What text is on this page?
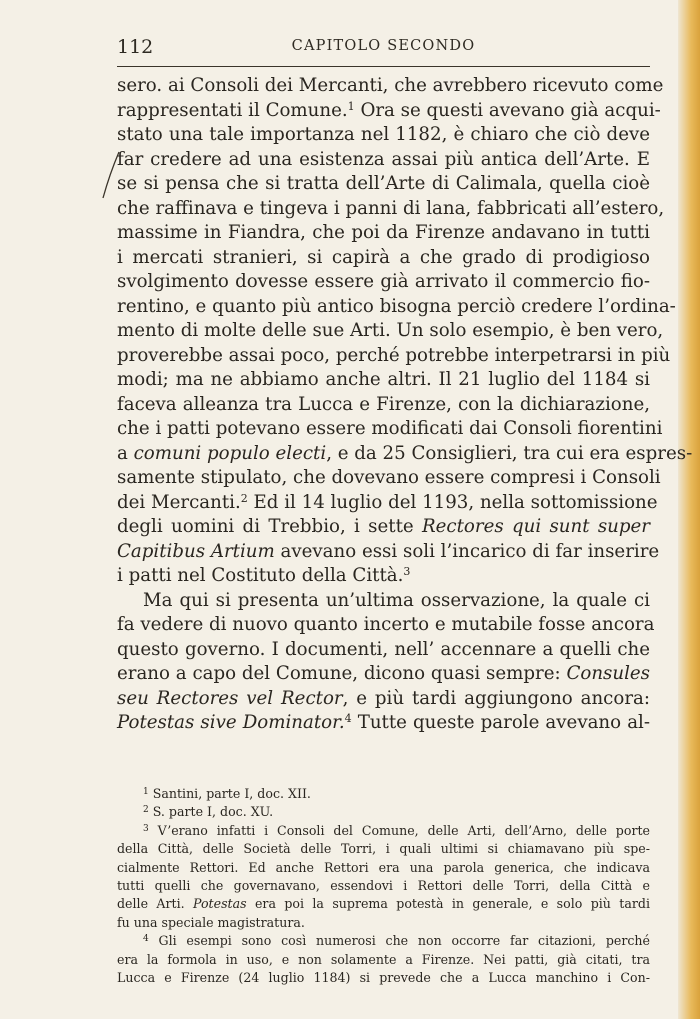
112	CAPITOLO SECONDO
sero. ai Consoli dei Mercanti, che avrebbero ricevuto come
rappresentati il Comune.$^1$ Ora se questi avevano già acqui-
stato una tale importanza nel 1182, è chiaro che ciò deve
far credere ad una esistenza assai più antica dell’Arte. E
se si pensa che si tratta dell’Arte di Calimala, quella cioè
che raffinava e tingeva i panni di lana, fabbricati all’estero,
massime in Fiandra, che poi da Firenze andavano in tutti
i mercati stranieri, si capirà a che grado di prodigioso
svolgimento dovesse essere già arrivato il commercio fio-
rentino, e quanto più antico bisogna perciò credere l’ordina-
mento di molte delle sue Arti. Un solo esempio, è ben vero,
proverebbe assai poco, perché potrebbe interpetrarsi in più
modi; ma ne abbiamo anche altri. Il 21 luglio del 1184 si
faceva alleanza tra Lucca e Firenze, con la dichiarazione,
che i patti potevano essere modificati dai Consoli fiorentini
a comuni populo electi, e da 25 Consiglieri, tra cui era espres-
samente stipulato, che dovevano essere compresi i Consoli
dei Mercanti.$^2$ Ed il 14 luglio del 1193, nella sottomissione
degli uomini di Trebbio, i sette Rectores qui sunt super
Capitibus Artium avevano essi soli l’incarico di far inserire
i patti nel Costituto della Città.$^3$
Ma qui si presenta un’ultima osservazione, la quale ci
fa vedere di nuovo quanto incerto e mutabile fosse ancora
questo governo. I documenti, nell’ accennare a quelli che
erano a capo del Comune, dicono quasi sempre: Consules
seu Rectores vel Rector, e più tardi aggiungono ancora:
Potestas sive Dominator.$^4$ Tutte queste parole avevano al-
$^1$ Santini, parte I, doc. XII.
$^2$ S. parte I, doc. XU.
$^3$ V’erano infatti i Consoli del Comune, delle Arti, dell’Arno, delle porte
della Città, delle Società delle Torri, i quali ultimi si chiamavano più spe-
cialmente Rettori. Ed anche Rettori era una parola generica, che indicava
tutti quelli che governavano, essendovi i Rettori delle Torri, della Città e
delle Arti. Potestas era poi la suprema potestà in generale, e solo più tardi
fu una speciale magistratura.
$^4$ Gli esempi sono così numerosi che non occorre far citazioni, perché
era la formola in uso, e non solamente a Firenze. Nei patti, già citati, tra
Lucca e Firenze (24 luglio 1184) si prevede che a Lucca manchino i Con-
